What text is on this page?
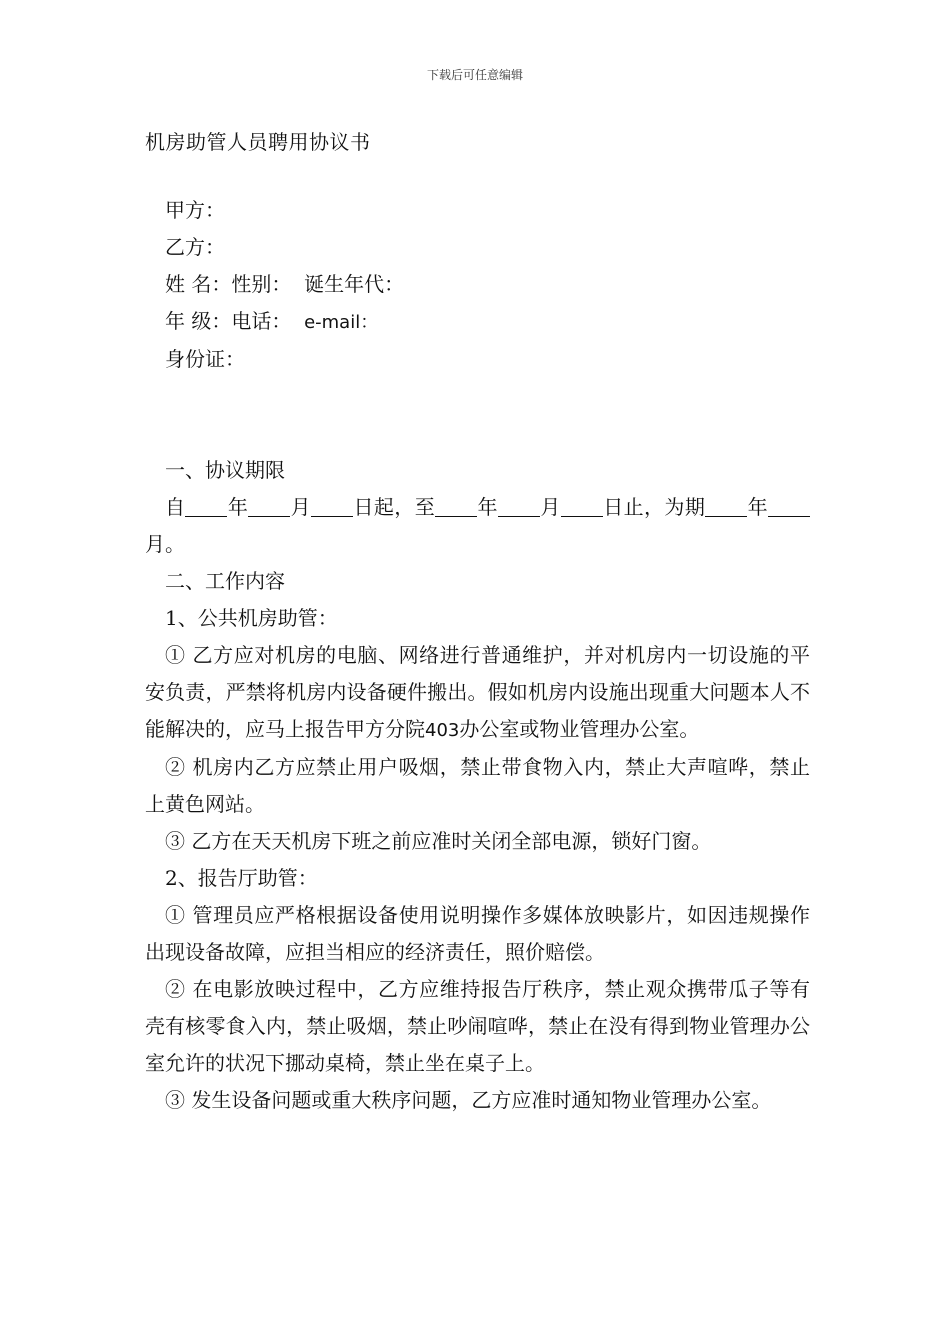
下载后可任意编辑
机房助管人员聘用协议书

甲方：

乙方：

姓 名：性别： 诞生年代：

年 级：电话： e-mail：

身份证：

一、协议期限

自 年 月 日起，至 年 月 日止，为期 年月。

二、工作内容

1、公共机房助管：

① 乙方应对机房的电脑、网络进行普通维护，并对机房内一切设施的平安负责，严禁将机房内设备硬件搬出。假如机房内设施出现重大问题本人不能解决的，应马上报告甲方分院403办公室或物业管理办公室。

② 机房内乙方应禁止用户吸烟，禁止带食物入内，禁止大声喧哗，禁止上黄色网站。

③ 乙方在天天机房下班之前应准时关闭全部电源，锁好门窗。

2、报告厅助管：

① 管理员应严格根据设备使用说明操作多媒体放映影片，如因违规操作出现设备故障，应担当相应的经济责任，照价赔偿。

② 在电影放映过程中，乙方应维持报告厅秩序，禁止观众携带瓜子等有壳有核零食入内，禁止吸烟，禁止吵闹喧哗，禁止在没有得到物业管理办公室允许的状况下挪动桌椅，禁止坐在桌子上。

③ 发生设备问题或重大秩序问题，乙方应准时通知物业管理办公室。
